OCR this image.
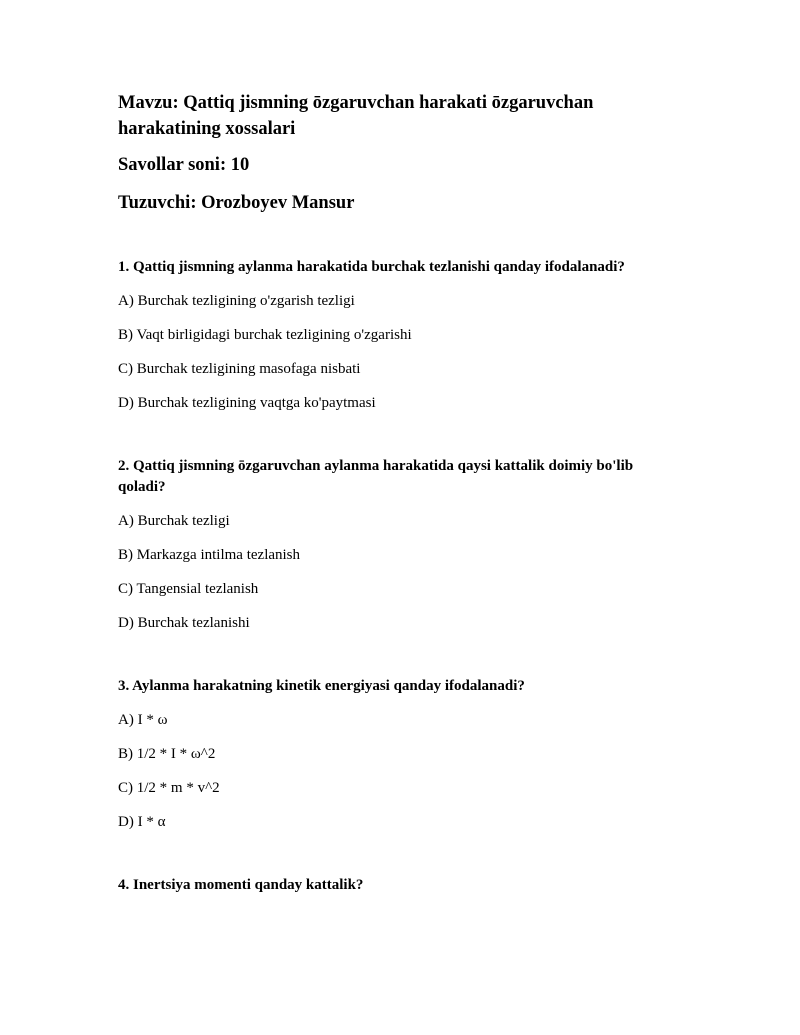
Mavzu: Qattiq jismning ōzgaruvchan harakati ōzgaruvchan harakatining xossalari

Savollar soni: 10

Tuzuvchi: Orozboyev Mansur

1. Qattiq jismning aylanma harakatida burchak tezlanishi qanday ifodalanadi?

A) Burchak tezligining o'zgarish tezligi
B) Vaqt birligidagi burchak tezligining o'zgarishi
C) Burchak tezligining masofaga nisbati
D) Burchak tezligining vaqtga ko'paytmasi

2. Qattiq jismning ōzgaruvchan aylanma harakatida qaysi kattalik doimiy bo'lib qoladi?

A) Burchak tezligi
B) Markazga intilma tezlanish
C) Tangensial tezlanish
D) Burchak tezlanishi

3. Aylanma harakatning kinetik energiyasi qanday ifodalanadi?

A) I * ω
B) 1/2 * I * ω^2
C) 1/2 * m * v^2
D) I * α

4. Inertsiya momenti qanday kattalik?
